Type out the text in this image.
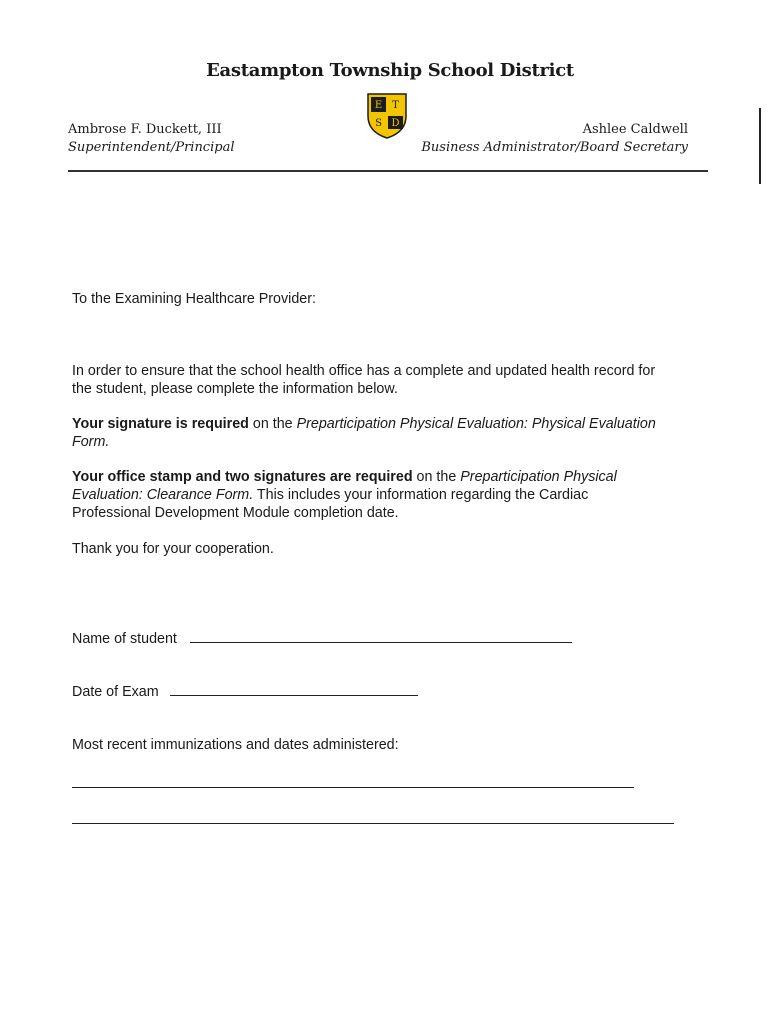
Eastampton Township School District
Ambrose F. Duckett, III
Superintendent/Principal
E T
S D	Ashlee Caldwell
Business Administrator/Board Secretary
To the Examining Healthcare Provider:
In order to ensure that the school health office has a complete and updated health record for
the student, please complete the information below.
Your signature is required on the Preparticipation Physical Evaluation: Physical Evaluation
Form.
Your office stamp and two signatures are required on the Preparticipation Physical
Evaluation: Clearance Form. This includes your information regarding the Cardiac
Professional Development Module completion date.
Thank you for your cooperation.
Name of student
Date of Exam
Most recent immunizations and dates administered:
